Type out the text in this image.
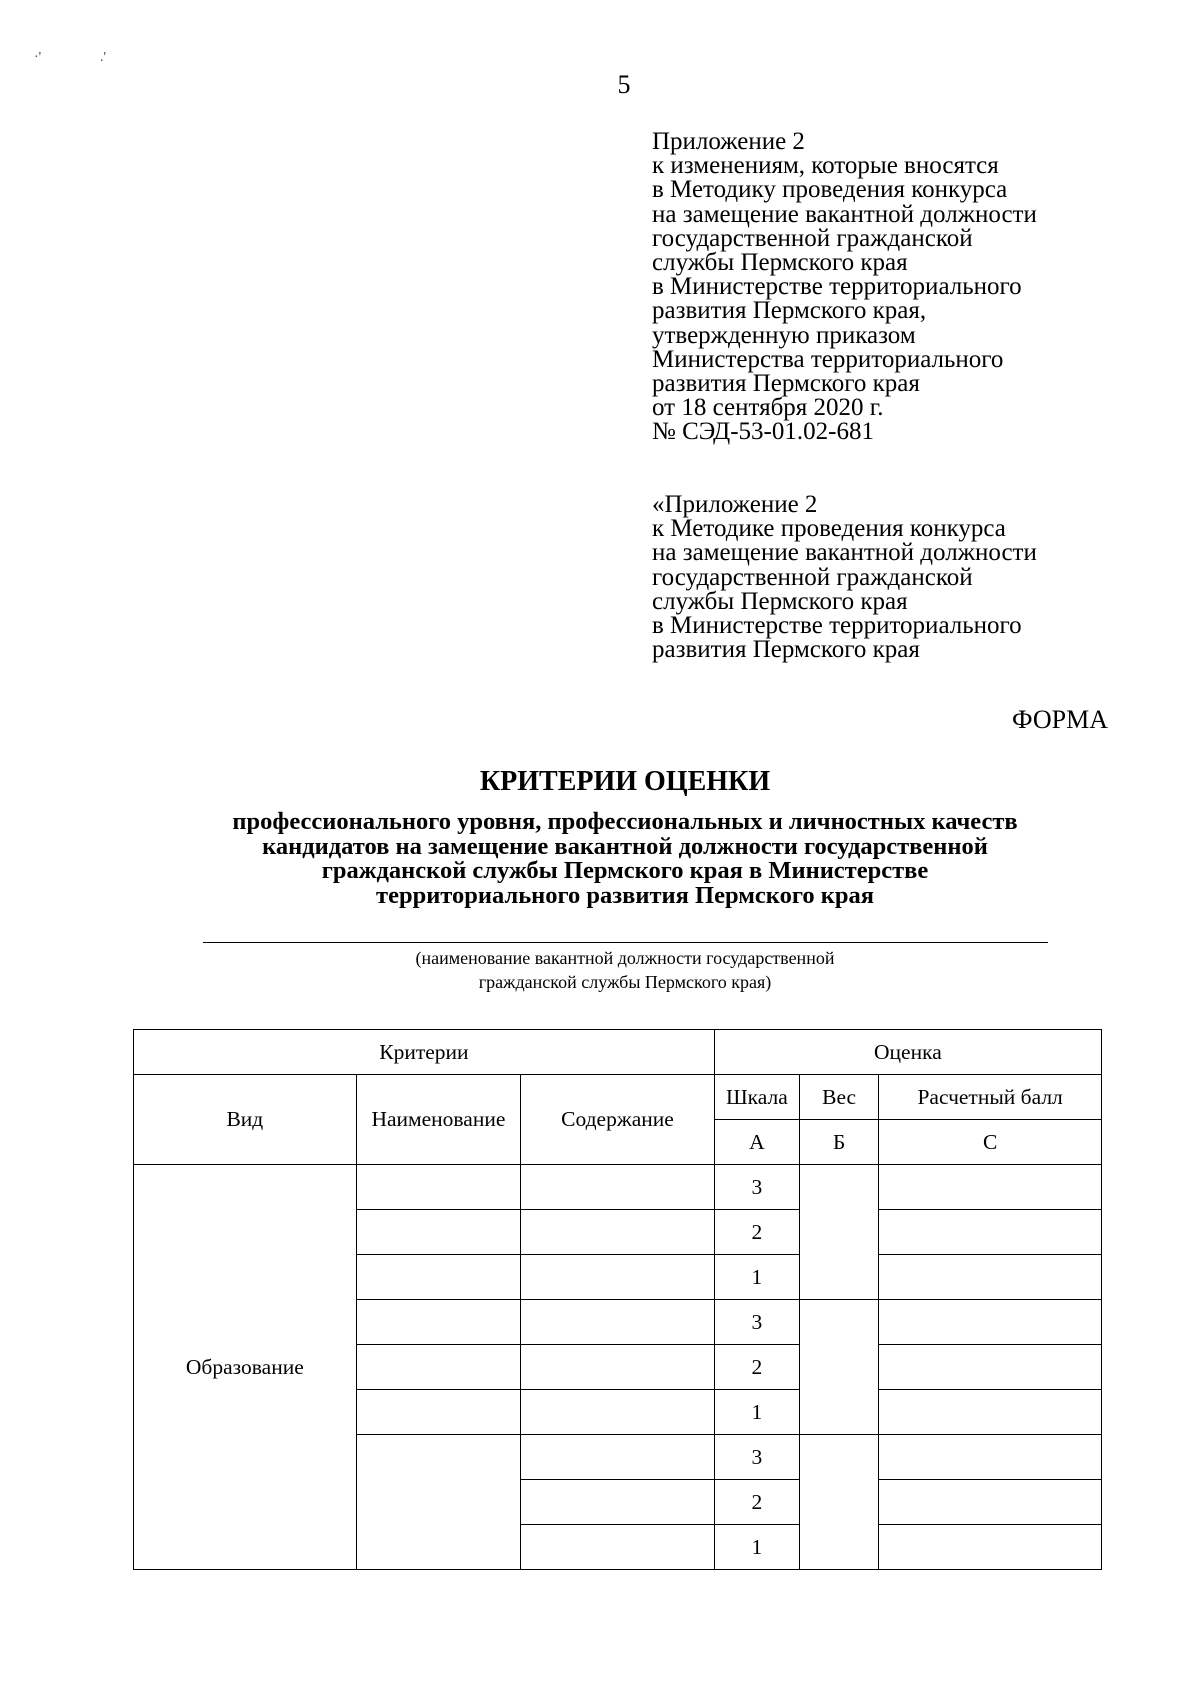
5
Приложение 2
к изменениям, которые вносятся
в Методику проведения конкурса
на замещение вакантной должности
государственной гражданской
службы Пермского края
в Министерстве территориального
развития Пермского края,
утвержденную приказом
Министерства территориального
развития Пермского края
от 18 сентября 2020 г.
№ СЭД-53-01.02-681
«Приложение 2
к Методике проведения конкурса
на замещение вакантной должности
государственной гражданской
службы Пермского края
в Министерстве территориального
развития Пермского края
ФОРМА
КРИТЕРИИ ОЦЕНКИ
профессионального уровня, профессиональных и личностных качеств
кандидатов на замещение вакантной должности государственной
гражданской службы Пермского края в Министерстве
территориального развития Пермского края
(наименование вакантной должности государственной
гражданской службы Пермского края)
Критерии			Оценка		
Вид	Наименование	Содержание	Шкала	Вес	Расчетный балл
			А	Б	С
Образование			3		
			2		
			1		
			3		
			2		
			1		
			3		
			2		
			1		
·'	.'
